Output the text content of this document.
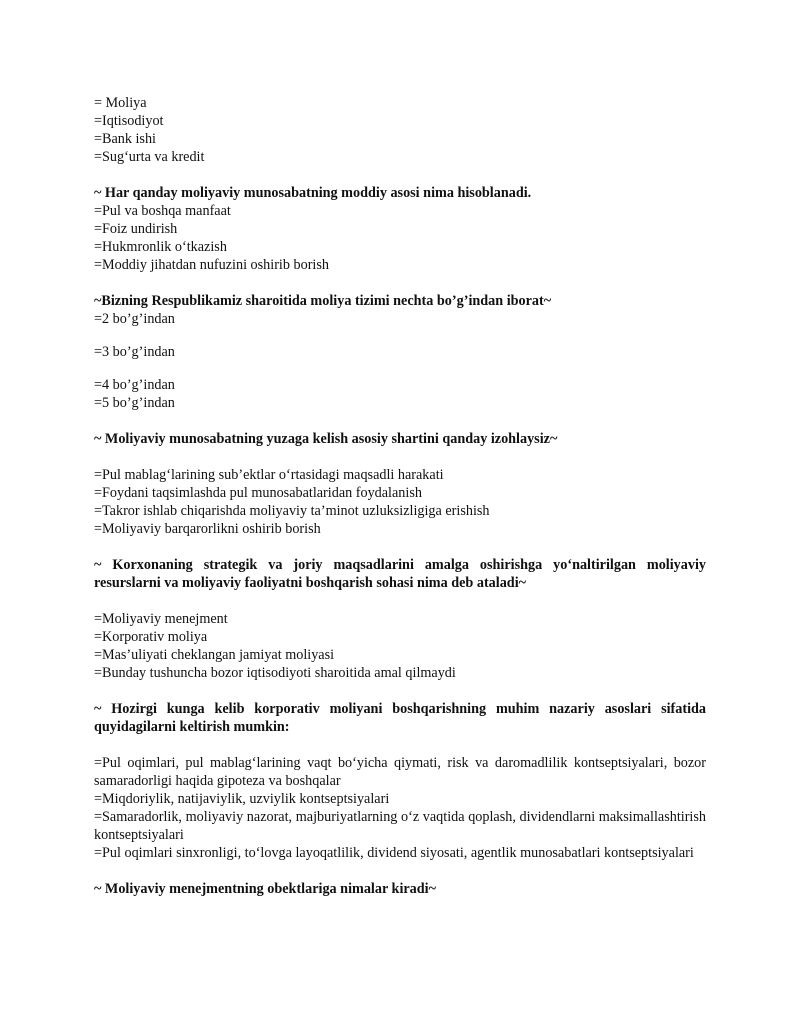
= Moliya

=Iqtisodiyot

=Bank ishi

=Sug‘urta va kredit

~ Har qanday moliyaviy munosabatning moddiy asosi nima hisoblanadi.

=Pul va boshqa manfaat

=Foiz undirish

=Hukmronlik o‘tkazish

=Moddiy jihatdan nufuzini oshirib borish

~Bizning Respublikamiz sharoitida moliya tizimi nechta bo’g’indan iborat~

=2 bo’g’indan

=3 bo’g’indan

=4 bo’g’indan

=5 bo’g’indan

~ Moliyaviy munosabatning yuzaga kelish asosiy shartini qanday izohlaysiz~

=Pul mablag‘larining sub’ektlar o‘rtasidagi maqsadli harakati

=Foydani taqsimlashda pul munosabatlaridan foydalanish

=Takror ishlab chiqarishda moliyaviy ta’minot uzluksizligiga erishish

=Moliyaviy barqarorlikni oshirib borish

~ Korxonaning strategik va joriy maqsadlarini amalga oshirishga yo‘naltirilgan moliyaviy resurslarni va moliyaviy faoliyatni boshqarish sohasi nima deb ataladi~

=Moliyaviy menejment

=Korporativ moliya

=Mas’uliyati cheklangan jamiyat moliyasi

=Bunday tushuncha bozor iqtisodiyoti sharoitida amal qilmaydi

~ Hozirgi kunga kelib korporativ moliyani boshqarishning muhim nazariy asoslari sifatida quyidagilarni keltirish mumkin:

=Pul oqimlari, pul mablag‘larining vaqt bo‘yicha qiymati, risk va daromadlilik kontseptsiyalari, bozor samaradorligi haqida gipoteza va boshqalar

=Miqdoriylik, natijaviylik, uzviylik kontseptsiyalari

=Samaradorlik, moliyaviy nazorat, majburiyatlarning o‘z vaqtida qoplash, dividendlarni maksimallashtirish kontseptsiyalari

=Pul oqimlari sinxronligi, to‘lovga layoqatlilik, dividend siyosati, agentlik munosabatlari kontseptsiyalari

~ Moliyaviy menejmentning obektlariga nimalar kiradi~
